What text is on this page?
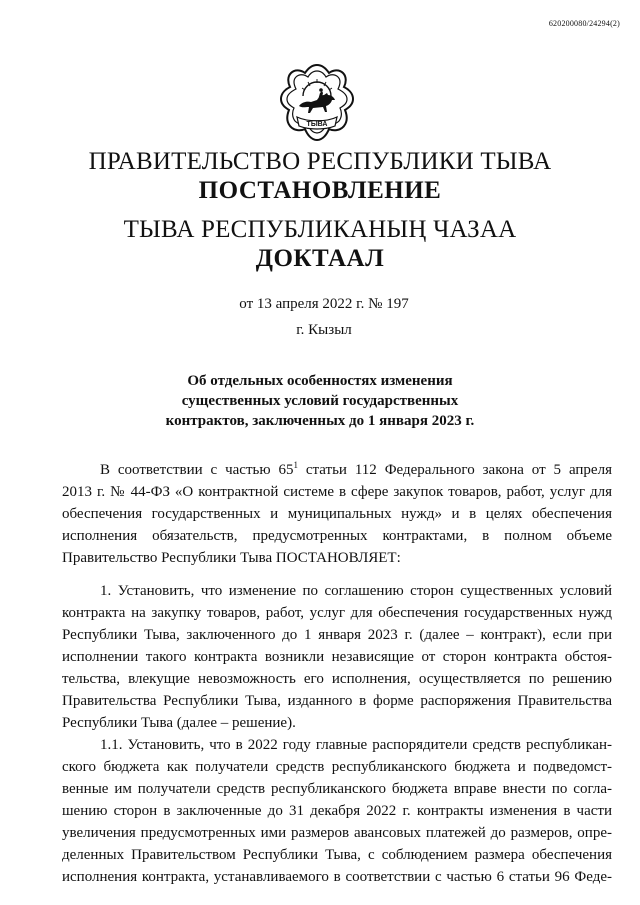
620200080/24294(2)
ТЫВА
ПРАВИТЕЛЬСТВО РЕСПУБЛИКИ ТЫВА
ПОСТАНОВЛЕНИЕ
ТЫВА РЕСПУБЛИКАНЫҢ ЧАЗАА
ДОКТААЛ
от 13 апреля 2022 г. № 197
г. Кызыл
Об отдельных особенностях изменения
существенных условий государственных
контрактов, заключенных до 1 января 2023 г.
В соответствии с частью $65^1$ статьи 112 Федерального закона от 5 апреля
2013 г. № 44-ФЗ «О контрактной системе в сфере закупок товаров, работ, услуг для
обеспечения государственных и муниципальных нужд» и в целях обеспечения
исполнения обязательств, предусмотренных контрактами, в полном объеме
Правительство Республики Тыва ПОСТАНОВЛЯЕТ:
1. Установить, что изменение по соглашению сторон существенных условий
контракта на закупку товаров, работ, услуг для обеспечения государственных нужд
Республики Тыва, заключенного до 1 января 2023 г. (далее – контракт), если при
исполнении такого контракта возникли независящие от сторон контракта обстоя-
тельства, влекущие невозможность его исполнения, осуществляется по решению
Правительства Республики Тыва, изданного в форме распоряжения Правительства
Республики Тыва (далее – решение).
1.1. Установить, что в 2022 году главные распорядители средств республикан-
ского бюджета как получатели средств республиканского бюджета и подведомст-
венные им получатели средств республиканского бюджета вправе внести по согла-
шению сторон в заключенные до 31 декабря 2022 г. контракты изменения в части
увеличения предусмотренных ими размеров авансовых платежей до размеров, опре-
деленных Правительством Республики Тыва, с соблюдением размера обеспечения
исполнения контракта, устанавливаемого в соответствии с частью 6 статьи 96 Феде-
